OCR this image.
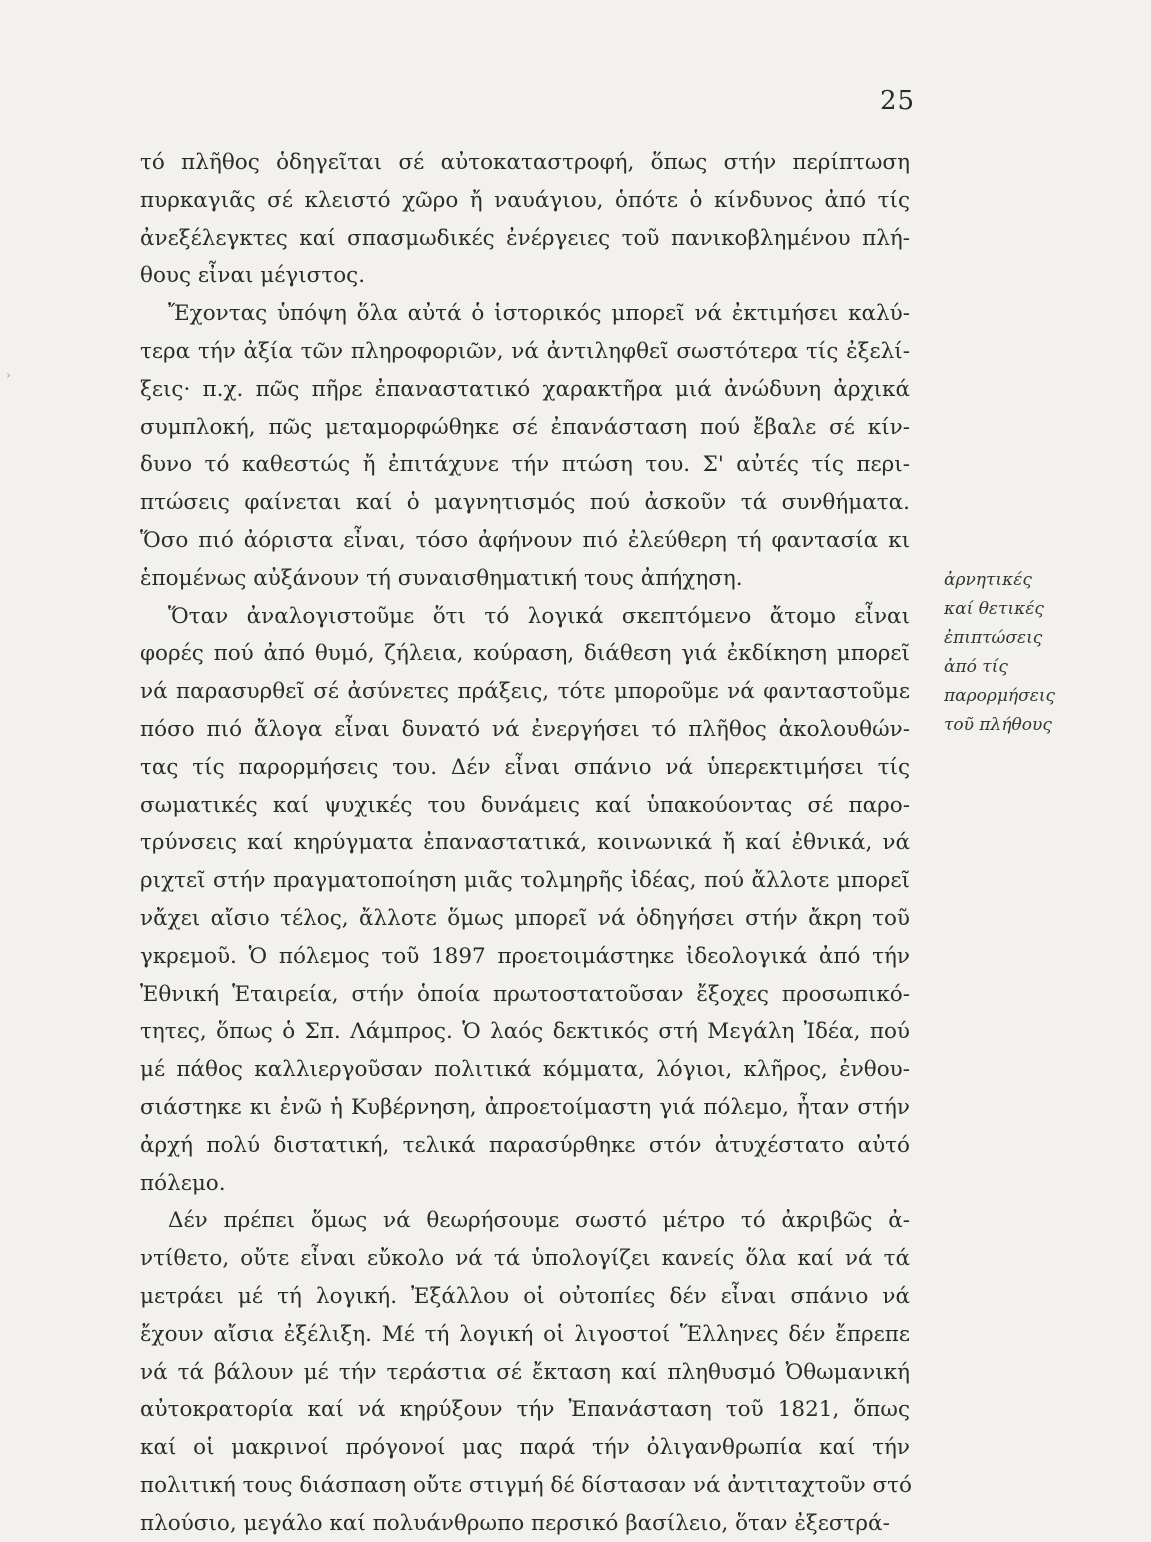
25
›
τό πλῆθος ὁδηγεῖται σέ αὐτοκαταστροφή, ὅπως στήν περίπτωση
πυρκαγιᾶς σέ κλειστό χῶρο ἤ ναυάγιου, ὁπότε ὁ κίνδυνος ἀπό τίς
ἀνεξέλεγκτες καί σπασμωδικές ἐνέργειες τοῦ πανικοβλημένου πλή-
θους εἶναι μέγιστος.
Ἔχοντας ὑπόψη ὅλα αὐτά ὁ ἱστορικός μπορεῖ νά ἐκτιμήσει καλύ-
τερα τήν ἀξία τῶν πληροφοριῶν, νά ἀντιληφθεῖ σωστότερα τίς ἐξελί-
ξεις· π.χ. πῶς πῆρε ἐπαναστατικό χαρακτῆρα μιά ἀνώδυνη ἀρχικά
συμπλοκή, πῶς μεταμορφώθηκε σέ ἐπανάσταση πού ἔβαλε σέ κίν-
δυνο τό καθεστώς ἤ ἐπιτάχυνε τήν πτώση του. Σ' αὐτές τίς περι-
πτώσεις φαίνεται καί ὁ μαγνητισμός πού ἀσκοῦν τά συνθήματα.
Ὅσο πιό ἀόριστα εἶναι, τόσο ἀφήνουν πιό ἐλεύθερη τή φαντασία κι
ἑπομένως αὐξάνουν τή συναισθηματική τους ἀπήχηση.
Ὅταν ἀναλογιστοῦμε ὅτι τό λογικά σκεπτόμενο ἄτομο εἶναι
φορές πού ἀπό θυμό, ζήλεια, κούραση, διάθεση γιά ἐκδίκηση μπορεῖ
νά παρασυρθεῖ σέ ἀσύνετες πράξεις, τότε μποροῦμε νά φανταστοῦμε
πόσο πιό ἄλογα εἶναι δυνατό νά ἐνεργήσει τό πλῆθος ἀκολουθών-
τας τίς παρορμήσεις του. Δέν εἶναι σπάνιο νά ὑπερεκτιμήσει τίς
σωματικές καί ψυχικές του δυνάμεις καί ὑπακούοντας σέ παρο-
τρύνσεις καί κηρύγματα ἐπαναστατικά, κοινωνικά ἤ καί ἐθνικά, νά
ριχτεῖ στήν πραγματοποίηση μιᾶς τολμηρῆς ἰδέας, πού ἄλλοτε μπορεῖ
νἄχει αἴσιο τέλος, ἄλλοτε ὅμως μπορεῖ νά ὁδηγήσει στήν ἄκρη τοῦ
γκρεμοῦ. Ὁ πόλεμος τοῦ 1897 προετοιμάστηκε ἰδεολογικά ἀπό τήν
Ἐθνική Ἑταιρεία, στήν ὁποία πρωτοστατοῦσαν ἔξοχες προσωπικό-
τητες, ὅπως ὁ Σπ. Λάμπρος. Ὁ λαός δεκτικός στή Μεγάλη Ἰδέα, πού
μέ πάθος καλλιεργοῦσαν πολιτικά κόμματα, λόγιοι, κλῆρος, ἐνθου-
σιάστηκε κι ἐνῶ ἡ Κυβέρνηση, ἀπροετοίμαστη γιά πόλεμο, ἦταν στήν
ἀρχή πολύ διστατική, τελικά παρασύρθηκε στόν ἀτυχέστατο αὐτό
πόλεμο.
Δέν πρέπει ὅμως νά θεωρήσουμε σωστό μέτρο τό ἀκριβῶς ἀ-
ντίθετο, οὔτε εἶναι εὔκολο νά τά ὑπολογίζει κανείς ὅλα καί νά τά
μετράει μέ τή λογική. Ἐξάλλου οἱ οὐτοπίες δέν εἶναι σπάνιο νά
ἔχουν αἴσια ἐξέλιξη. Μέ τή λογική οἱ λιγοστοί Ἕλληνες δέν ἔπρεπε
νά τά βάλουν μέ τήν τεράστια σέ ἔκταση καί πληθυσμό Ὀθωμανική
αὐτοκρατορία καί νά κηρύξουν τήν Ἐπανάσταση τοῦ 1821, ὅπως
καί οἱ μακρινοί πρόγονοί μας παρά τήν ὀλιγανθρωπία καί τήν
πολιτική τους διάσπαση οὔτε στιγμή δέ δίστασαν νά ἀντιταχτοῦν στό
πλούσιο, μεγάλο καί πολυάνθρωπο περσικό βασίλειο, ὅταν ἐξεστρά-
ἀρνητικές
καί θετικές
ἐπιπτώσεις
ἀπό τίς
παρορμήσεις
τοῦ πλήθους
